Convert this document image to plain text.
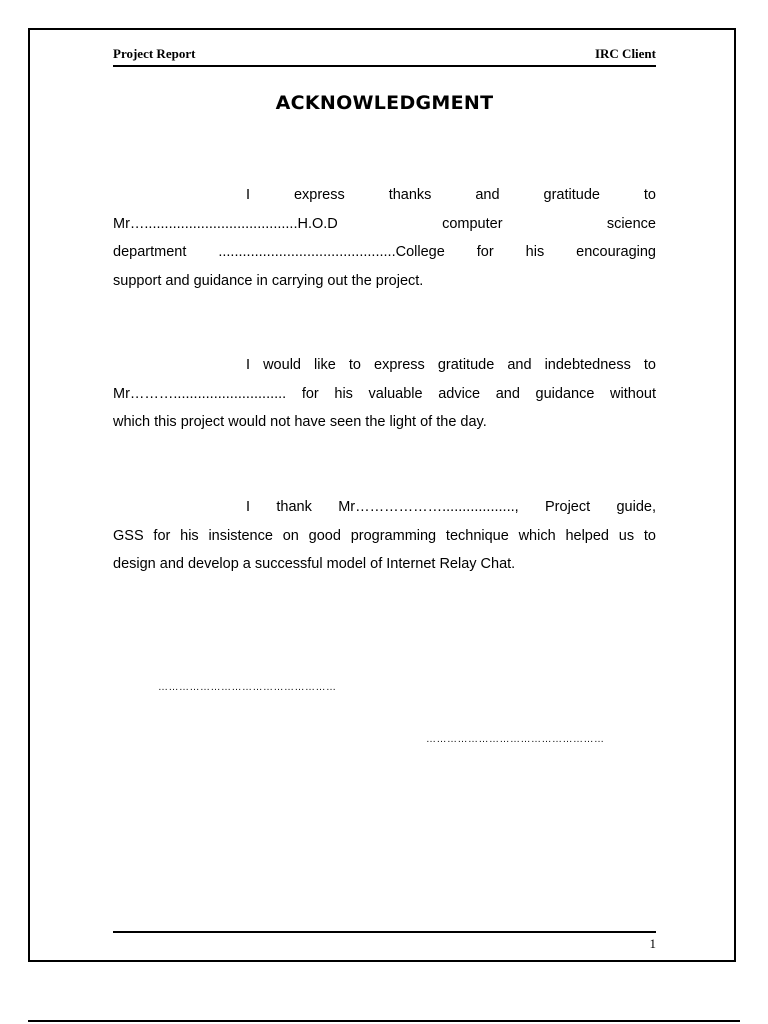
Project Report	IRC Client
ACKNOWLEDGMENT
I express thanks and gratitude to
Mr…......................................H.O.D computer science
department ............................................College for his encouraging
support and guidance in carrying out the project.
I would like to express gratitude and indebtedness to
Mr………............................ for his valuable advice and guidance without
which this project would not have seen the light of the day.
I thank Mr……………….................., Project guide,
GSS for his insistence on good programming technique which helped us to
design and develop a successful model of Internet Relay Chat.
……………………………………………
……………………………………………
1
